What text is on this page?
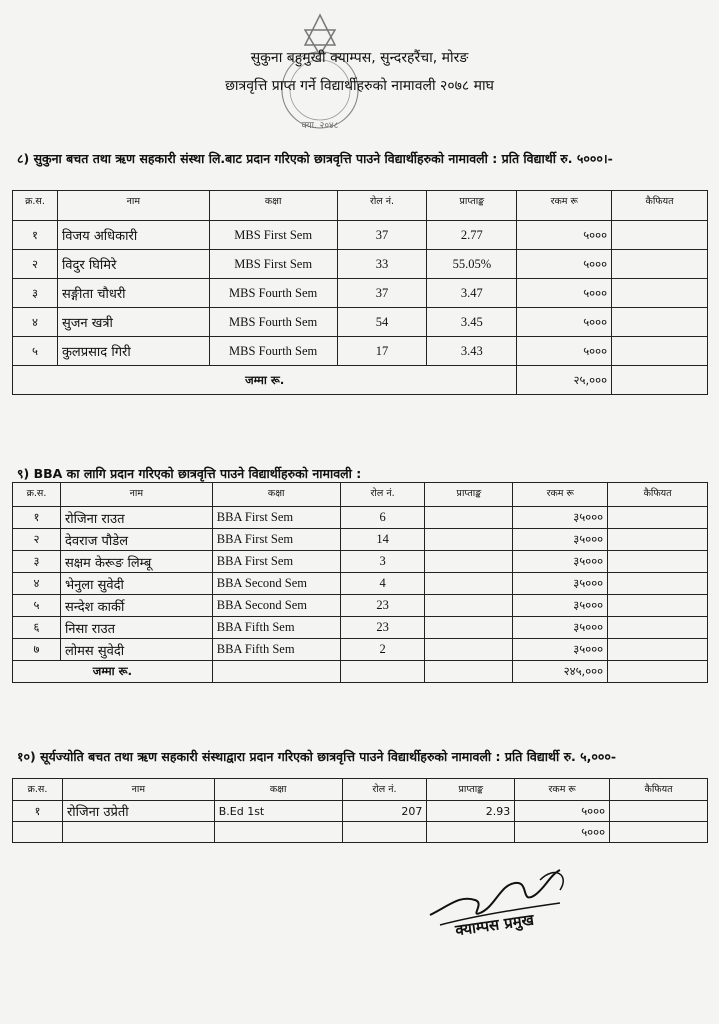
क्या. २०४८
सुकुना बहुमुखी क्याम्पस, सुन्दरहरैंचा, मोरङ
छात्रवृत्ति प्राप्त गर्ने विद्यार्थीहरुको नामावली २०७८ माघ
८) सुकुना बचत तथा ऋण सहकारी संस्था लि.बाट प्रदान गरिएको छात्रवृत्ति पाउने विद्यार्थीहरुको नामावली : प्रति विद्यार्थी रु. ५०००।-
क्र.स.	नाम	कक्षा	रोल नं.	प्राप्ताङ्क	रकम रू	कैफियत
१	विजय अधिकारी	MBS First Sem	37	2.77	५०००	
२	विदुर घिमिरे	MBS First Sem	33	55.05%	५०००	
३	सङ्गीता चौधरी	MBS Fourth Sem	37	3.47	५०००	
४	सुजन खत्री	MBS Fourth Sem	54	3.45	५०००	
५	कुलप्रसाद गिरी	MBS Fourth Sem	17	3.43	५०००	
जम्मा रू.					२५,०००	
९) BBA का लागि प्रदान गरिएको छात्रवृत्ति पाउने विद्यार्थीहरुको नामावली :
क्र.स.	नाम	कक्षा	रोल नं.	प्राप्ताङ्क	रकम रू	कैफियत
१	रोजिना राउत	BBA First Sem	6		३५०००	
२	देवराज पौडेल	BBA First Sem	14		३५०००	
३	सक्षम केरूङ लिम्बू	BBA First Sem	3		३५०००	
४	भेनुला सुवेदी	BBA Second Sem	4		३५०००	
५	सन्देश कार्की	BBA Second Sem	23		३५०००	
६	निसा राउत	BBA Fifth Sem	23		३५०००	
७	लोमस सुवेदी	BBA Fifth Sem	2		३५०००	
जम्मा रू.					२४५,०००	
१०) सूर्यज्योति बचत तथा ऋण सहकारी संस्थाद्वारा प्रदान गरिएको छात्रवृत्ति पाउने विद्यार्थीहरुको नामावली : प्रति विद्यार्थी रु. ५,०००-
क्र.स.	नाम	कक्षा	रोल नं.	प्राप्ताङ्क	रकम रू	कैफियत
१	रोजिना उप्रेती	B.Ed 1st	207	2.93	५०००	
					५०००	
क्याम्पस प्रमुख
